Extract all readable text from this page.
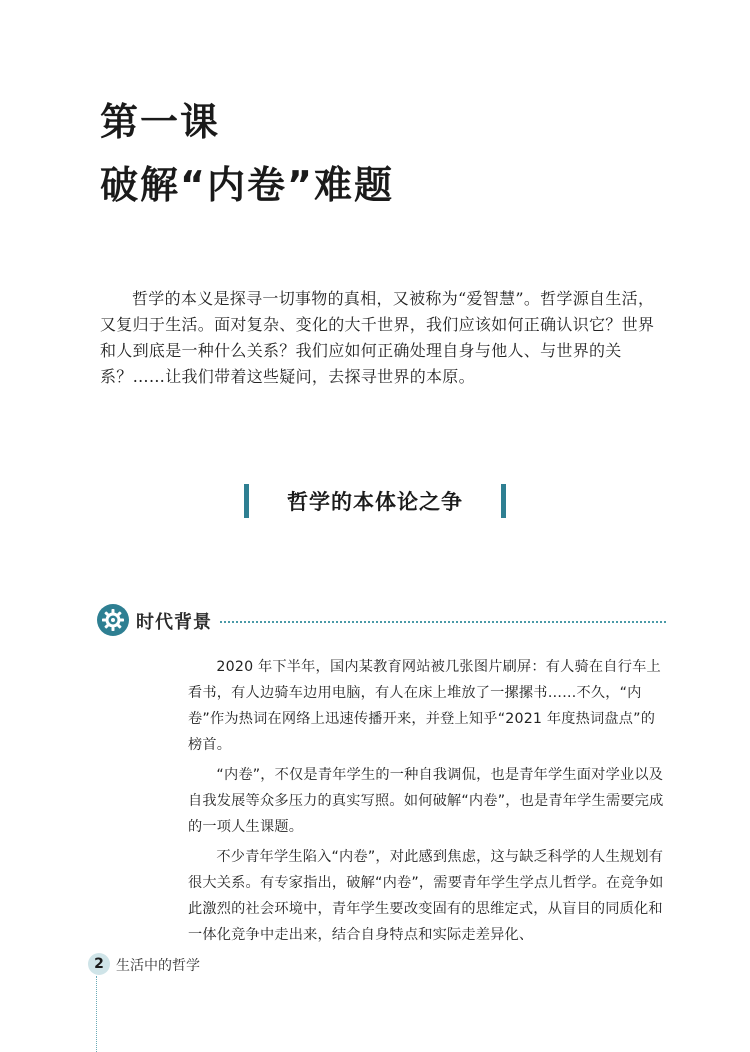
第一课
破解“内卷”难题

哲学的本义是探寻一切事物的真相，又被称为“爱智慧”。哲学源自生活，又复归于生活。面对复杂、变化的大千世界，我们应该如何正确认识它？世界和人到底是一种什么关系？我们应如何正确处理自身与他人、与世界的关系？……让我们带着这些疑问，去探寻世界的本原。

哲学的本体论之争
时代背景

2020 年下半年，国内某教育网站被几张图片刷屏：有人骑在自行车上看书，有人边骑车边用电脑，有人在床上堆放了一摞摞书……不久，“内卷”作为热词在网络上迅速传播开来，并登上知乎“2021 年度热词盘点”的榜首。

“内卷”，不仅是青年学生的一种自我调侃，也是青年学生面对学业以及自我发展等众多压力的真实写照。如何破解“内卷”，也是青年学生需要完成的一项人生课题。

不少青年学生陷入“内卷”，对此感到焦虑，这与缺乏科学的人生规划有很大关系。有专家指出，破解“内卷”，需要青年学生学点儿哲学。在竞争如此激烈的社会环境中，青年学生要改变固有的思维定式，从盲目的同质化和一体化竞争中走出来，结合自身特点和实际走差异化、

2 生活中的哲学
